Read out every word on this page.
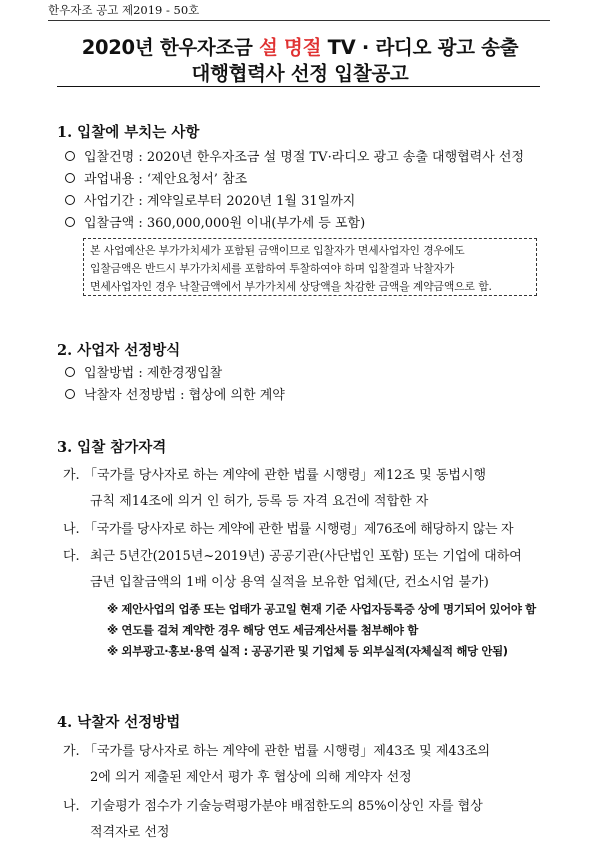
한우자조 공고 제2019 - 50호
2020년 한우자조금 설 명절 TV · 라디오 광고 송출
대행협력사 선정 입찰공고
1. 입찰에 부치는 사항
입찰건명 : 2020년 한우자조금 설 명절 TV·라디오 광고 송출 대행협력사 선정
과업내용 : ‘제안요청서’ 참조
사업기간 : 계약일로부터 2020년 1월 31일까지
입찰금액 : 360,000,000원 이내(부가세 등 포함)
본 사업예산은 부가가치세가 포함된 금액이므로 입찰자가 면세사업자인 경우에도
입찰금액은 반드시 부가가치세를 포함하여 투찰하여야 하며 입찰결과 낙찰자가
면세사업자인 경우 낙찰금액에서 부가가치세 상당액을 차감한 금액을 계약금액으로 함.
2. 사업자 선정방식
입찰방법 : 제한경쟁입찰
낙찰자 선정방법 : 협상에 의한 계약
3. 입찰 참가자격
가. 「국가를 당사자로 하는 계약에 관한 법률 시행령」제12조 및 동법시행
규칙 제14조에 의거 인 허가, 등록 등 자격 요건에 적합한 자
나. 「국가를 당사자로 하는 계약에 관한 법률 시행령」제76조에 해당하지 않는 자
다. 최근 5년간(2015년~2019년) 공공기관(사단법인 포함) 또는 기업에 대하여
금년 입찰금액의 1배 이상 용역 실적을 보유한 업체(단, 컨소시엄 불가)
※ 제안사업의 업종 또는 업태가 공고일 현재 기준 사업자등록증 상에 명기되어 있어야 함
※ 연도를 걸쳐 계약한 경우 해당 연도 세금계산서를 첨부해야 함
※ 외부광고·홍보·용역 실적 : 공공기관 및 기업체 등 외부실적(자체실적 해당 안됨)
4. 낙찰자 선정방법
가. 「국가를 당사자로 하는 계약에 관한 법률 시행령」제43조 및 제43조의
2에 의거 제출된 제안서 평가 후 협상에 의해 계약자 선정
나. 기술평가 점수가 기술능력평가분야 배점한도의 85%이상인 자를 협상
적격자로 선정
